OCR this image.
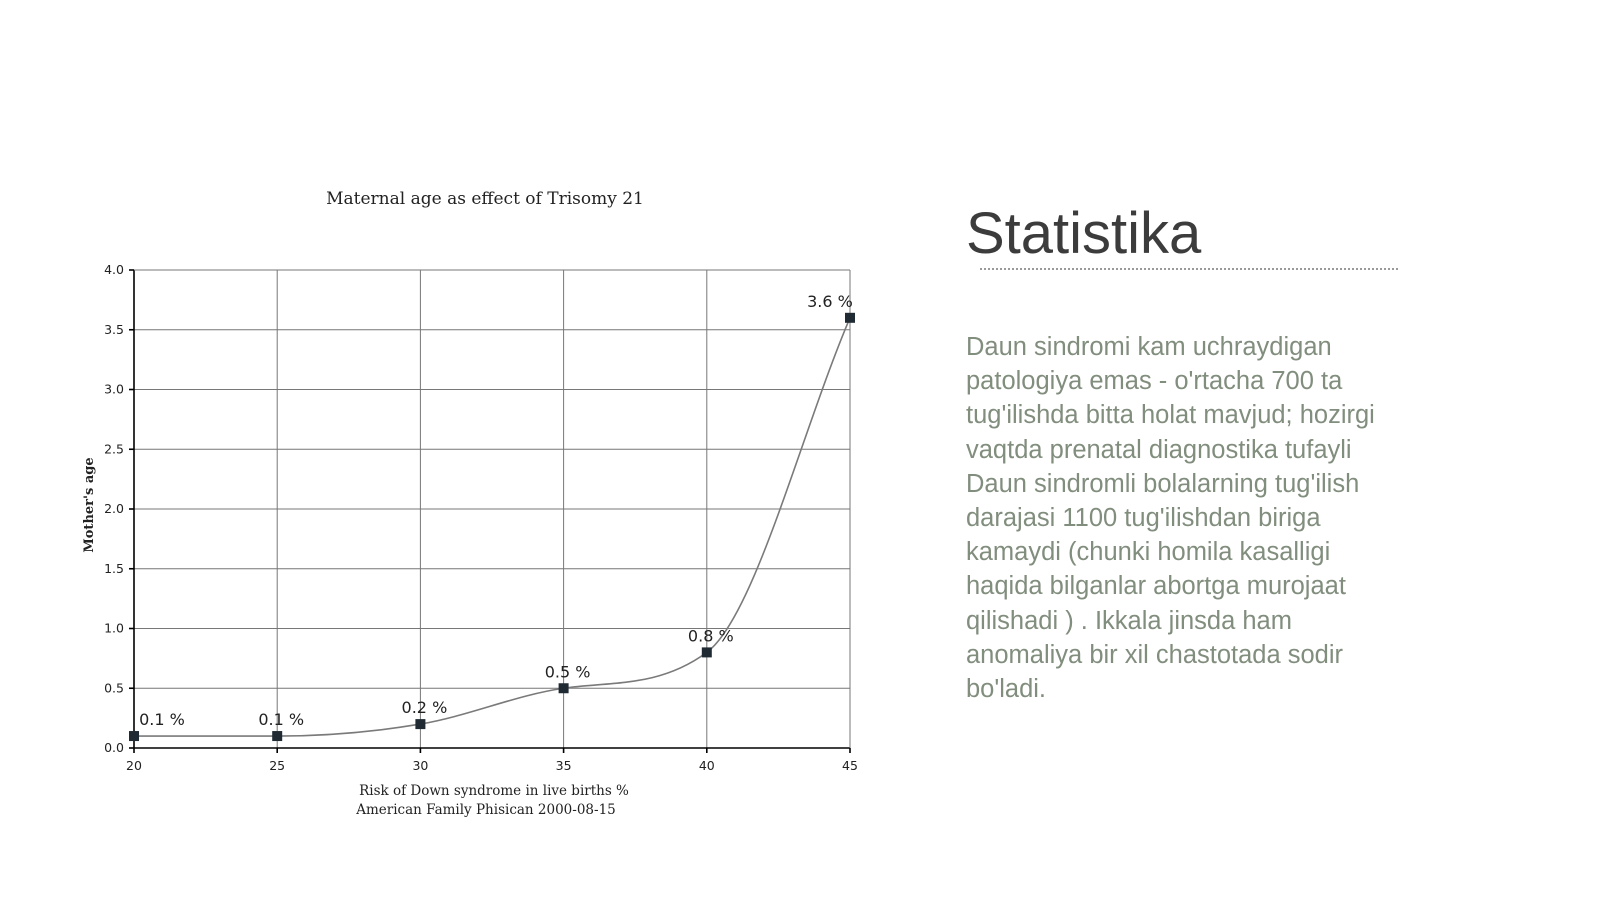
0.0
0.5
1.0
1.5
2.0
2.5
3.0
3.5
4.0
20	25	30	35	40	45
0.1 %	0.1 %
0.2 %
0.5 %
0.8 %
3.6 %
Maternal age as effect of Trisomy 21
Mother's age
Risk of Down syndrome in live births %
American Family Phisican 2000-08-15
Statistika

Daun sindromi kam uchraydigan patologiya emas - o'rtacha 700 ta tug'ilishda bitta holat mavjud; hozirgi vaqtda prenatal diagnostika tufayli Daun sindromli bolalarning tug'ilish darajasi 1100 tug'ilishdan biriga kamaydi (chunki homila kasalligi haqida bilganlar abortga murojaat qilishadi ) . Ikkala jinsda ham anomaliya bir xil chastotada sodir bo'ladi.
